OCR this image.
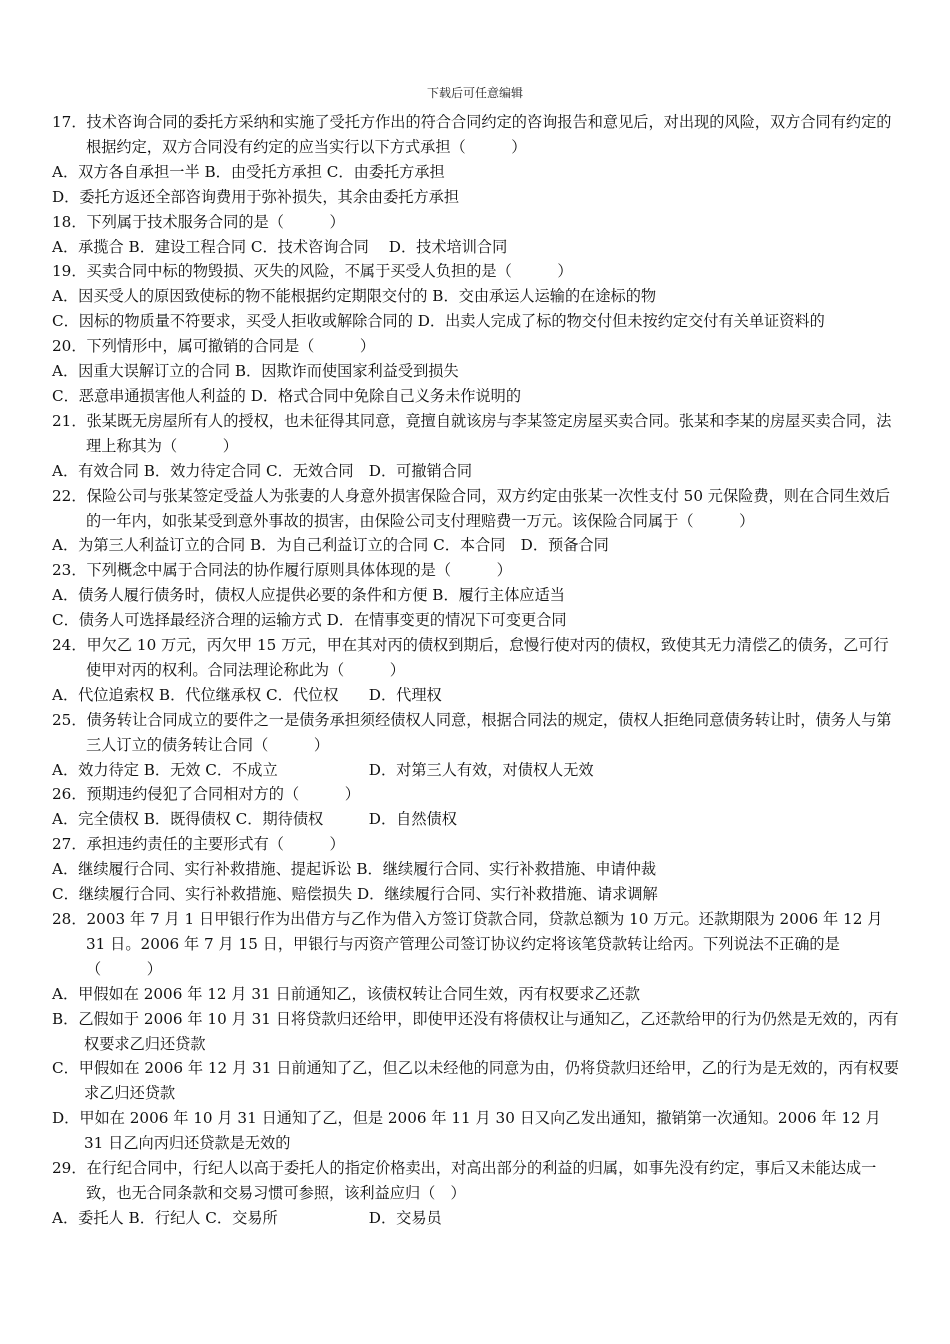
下载后可任意编辑

17．技术咨询合同的委托方采纳和实施了受托方作出的符合合同约定的咨询报告和意见后，对出现的风险，双方合同有约定的根据约定，双方合同没有约定的应当实行以下方式承担（　　　）

A．双方各自承担一半 B．由受托方承担 C．由委托方承担

D．委托方返还全部咨询费用于弥补损失，其余由委托方承担

18．下列属于技术服务合同的是（　　　）

A．承揽合 B．建设工程合同 C．技术咨询合同　 D．技术培训合同

19．买卖合同中标的物毁损、灭失的风险，不属于买受人负担的是（　　　）

A．因买受人的原因致使标的物不能根据约定期限交付的 B．交由承运人运输的在途标的物

C．因标的物质量不符要求，买受人拒收或解除合同的 D．出卖人完成了标的物交付但未按约定交付有关单证资料的

20．下列情形中，属可撤销的合同是（　　　）

A．因重大误解订立的合同 B．因欺诈而使国家利益受到损失

C．恶意串通损害他人利益的 D．格式合同中免除自己义务未作说明的

21．张某既无房屋所有人的授权，也未征得其同意，竟擅自就该房与李某签定房屋买卖合同。张某和李某的房屋买卖合同，法理上称其为（　　　）

A．有效合同 B．效力待定合同 C．无效合同　D．可撤销合同

22．保险公司与张某签定受益人为张妻的人身意外损害保险合同，双方约定由张某一次性支付 50 元保险费，则在合同生效后的一年内，如张某受到意外事故的损害，由保险公司支付理赔费一万元。该保险合同属于（　　　）

A．为第三人利益订立的合同 B．为自己利益订立的合同 C．本合同　D．预备合同

23．下列概念中属于合同法的协作履行原则具体体现的是（　　　）

A．债务人履行债务时，债权人应提供必要的条件和方便 B．履行主体应适当

C．债务人可选择最经济合理的运输方式 D．在情事变更的情况下可变更合同

24．甲欠乙 10 万元，丙欠甲 15 万元，甲在其对丙的债权到期后，怠慢行使对丙的债权，致使其无力清偿乙的债务，乙可行使甲对丙的权利。合同法理论称此为（　　　）

A．代位追索权 B．代位继承权 C．代位权　　D．代理权

25．债务转让合同成立的要件之一是债务承担须经债权人同意，根据合同法的规定，债权人拒绝同意债务转让时，债务人与第三人订立的债务转让合同（　　　）

A．效力待定 B．无效 C．不成立　　　　　　D．对第三人有效，对债权人无效

26．预期违约侵犯了合同相对方的（　　　）

A．完全债权 B．既得债权 C．期待债权　　　D．自然债权

27．承担违约责任的主要形式有（　　　）

A．继续履行合同、实行补救措施、提起诉讼 B．继续履行合同、实行补救措施、申请仲裁

C．继续履行合同、实行补救措施、赔偿损失 D．继续履行合同、实行补救措施、请求调解

28．2003 年 7 月 1 日甲银行作为出借方与乙作为借入方签订贷款合同，贷款总额为 10 万元。还款期限为 2006 年 12 月 31 日。2006 年 7 月 15 日，甲银行与丙资产管理公司签订协议约定将该笔贷款转让给丙。下列说法不正确的是（　　　）

A．甲假如在 2006 年 12 月 31 日前通知乙，该债权转让合同生效，丙有权要求乙还款

B．乙假如于 2006 年 10 月 31 日将贷款归还给甲，即使甲还没有将债权让与通知乙，乙还款给甲的行为仍然是无效的，丙有权要求乙归还贷款

C．甲假如在 2006 年 12 月 31 日前通知了乙，但乙以未经他的同意为由，仍将贷款归还给甲，乙的行为是无效的，丙有权要求乙归还贷款

D．甲如在 2006 年 10 月 31 日通知了乙，但是 2006 年 11 月 30 日又向乙发出通知，撤销第一次通知。2006 年 12 月 31 日乙向丙归还贷款是无效的

29．在行纪合同中，行纪人以高于委托人的指定价格卖出，对高出部分的利益的归属，如事先没有约定，事后又未能达成一致，也无合同条款和交易习惯可参照，该利益应归（　）

A．委托人 B．行纪人 C．交易所　　　　　　D．交易员
